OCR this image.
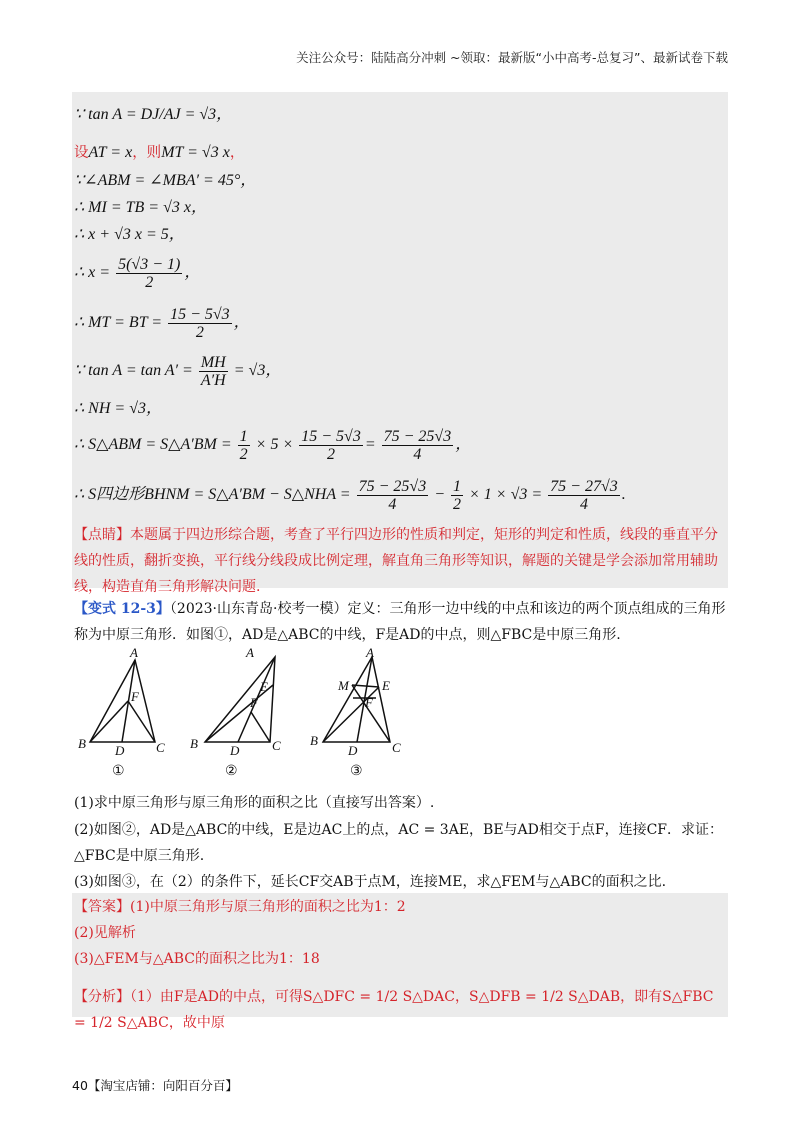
关注公众号：陆陆高分冲刺 ~领取：最新版“小中高考-总复习”、最新试卷下载
∵ tan A = DJ/AJ = √3，
设AT = x，则MT = √3 x，
∵∠ABM = ∠MBA′ = 45°，
∴ MI = TB = √3 x，
∴ x + √3 x = 5，
∴ $x = \frac{5(√3 - 1)}{2}$ ，
∴ MT = BT = $\frac{15 - 5√3}{2}$ ，
∵ $\tan A = \tan A' = \frac{MH}{A'H} = √3$，
∴ NH = √3，
∴ S△ABM = S△A′BM = $\frac{1}{2} \times 5 \times \frac{15 - 5√3}{2} = \frac{75 - 25√3}{4}$ ，
∴ S四边形BHNM = S△A′BM − S△NHA = $\frac{75 - 25√3}{4} - \frac{1}{2} \times 1 \times √3 = \frac{75 - 27√3}{4}$ .
【点睛】本题属于四边形综合题，考查了平行四边形的性质和判定，矩形的判定和性质，线段的垂直平分线的性质，翻折变换，平行线分线段成比例定理，解直角三角形等知识，解题的关键是学会添加常用辅助线，构造直角三角形解决问题.
【变式 12-3】（2023·山东青岛·校考一模）定义：三角形一边中线的中点和该边的两个顶点组成的三角形称为中原三角形．如图①，AD是△ABC的中线，F是AD的中点，则△FBC是中原三角形.
A
B	C
D
F
A
B	C
D
E
F
A
B	C
D
M	E
F
①	②	③
(1)求中原三角形与原三角形的面积之比（直接写出答案）.
(2)如图②，AD是△ABC的中线，E是边AC上的点，AC = 3AE，BE与AD相交于点F，连接CF．求证：△FBC是中原三角形.
(3)如图③，在（2）的条件下，延长CF交AB于点M，连接ME，求△FEM与△ABC的面积之比.
【答案】(1)中原三角形与原三角形的面积之比为1：2
(2)见解析
(3)△FEM与△ABC的面积之比为1：18
【分析】（1）由F是AD的中点，可得S△DFC = 1/2 S△DAC，S△DFB = 1/2 S△DAB，即有S△FBC = 1/2 S△ABC，故中原
40【淘宝店铺：向阳百分百】
